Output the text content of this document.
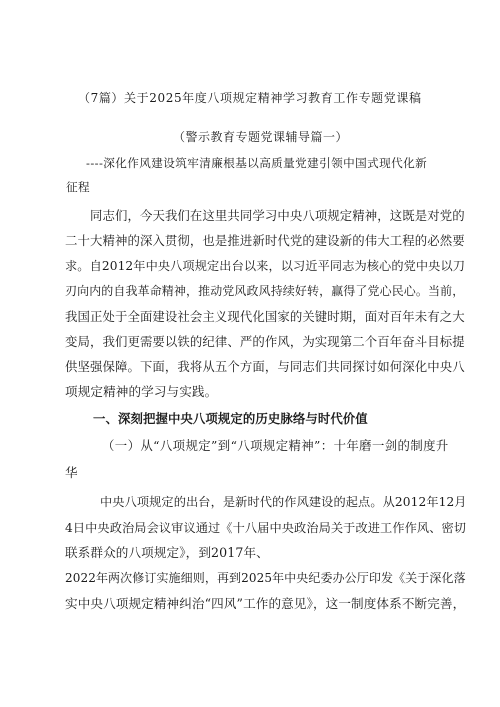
（7篇）关于2025年度八项规定精神学习教育工作专题党课稿

（警示教育专题党课辅导篇一）

----深化作风建设筑牢清廉根基以高质量党建引领中国式现代化新

征程

同志们，今天我们在这里共同学习中央八项规定精神，这既是对党的

二十大精神的深入贯彻，也是推进新时代党的建设新的伟大工程的必然要

求。自2012年中央八项规定出台以来，以习近平同志为核心的党中央以刀

刃向内的自我革命精神，推动党风政风持续好转，赢得了党心民心。当前，

我国正处于全面建设社会主义现代化国家的关键时期，面对百年未有之大

变局，我们更需要以铁的纪律、严的作风，为实现第二个百年奋斗目标提

供坚强保障。下面，我将从五个方面，与同志们共同探讨如何深化中央八

项规定精神的学习与实践。

一、深刻把握中央八项规定的历史脉络与时代价值

（一）从“八项规定”到“八项规定精神”：十年磨一剑的制度升

华

中央八项规定的出台，是新时代的作风建设的起点。从2012年12月

4日中央政治局会议审议通过《十八届中央政治局关于改进工作作风、密切

联系群众的八项规定》，到2017年、

2022年两次修订实施细则，再到2025年中央纪委办公厅印发《关于深化落

实中央八项规定精神纠治“四风”工作的意见》，这一制度体系不断完善，
